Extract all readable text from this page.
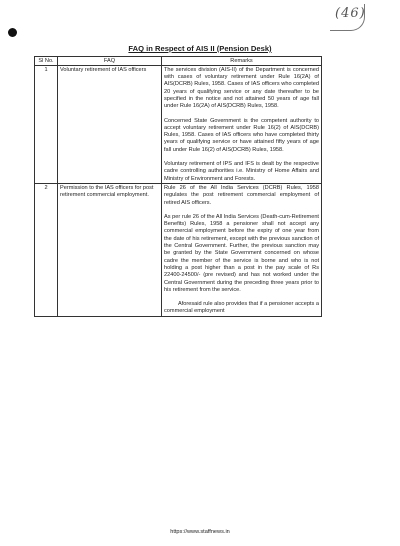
(46)
FAQ in Respect of AIS II (Pension Desk)
Sl No.	FAQ	Remarks
1	Voluntary retirement of IAS officers	The services division (AIS-II) of the Department is concerned with cases of voluntary retirement under Rule 16(2A) of AIS(DCRB) Rules, 1958. Cases of IAS officers who completed 20 years of qualifying service or any date thereafter to be specified in the notice and not attained 50 years of age fall under Rule 16(2A) of AIS(DCRB) Rules, 1958.

Concerned State Government is the competent authority to accept voluntary retirement under Rule 16(2) of AIS(DCRB) Rules, 1958. Cases of IAS officers who have completed thirty years of qualifying service or have attained fifty years of age fall under Rule 16(2) of AIS(DCRB) Rules, 1958.

Voluntary retirement of IPS and IFS is dealt by the respective cadre controlling authorities i.e. Ministry of Home Affairs and Ministry of Environment and Forests.

2	Permission to the IAS officers for post retirement commercial employment.	Rule 26 of the All India Services (DCRB) Rules, 1958 regulates the post retirement commercial employment of retired AIS officers.

As per rule 26 of the All India Services (Death-cum-Retirement Benefits) Rules, 1958 a pensioner shall not accept any commercial employment before the expiry of one year from the date of his retirement, except with the previous sanction of the Central Government. Further, the previous sanction may be granted by the State Government concerned on whose cadre the member of the service is borne and who is not holding a post higher than a post in the pay scale of Rs 22400-24500/- (pre revised) and has not worked under the Central Government during the preceding three years prior to his retirement from the service.

Aforesaid rule also provides that if a pensioner accepts a commercial employment

https://www.staffnews.in
